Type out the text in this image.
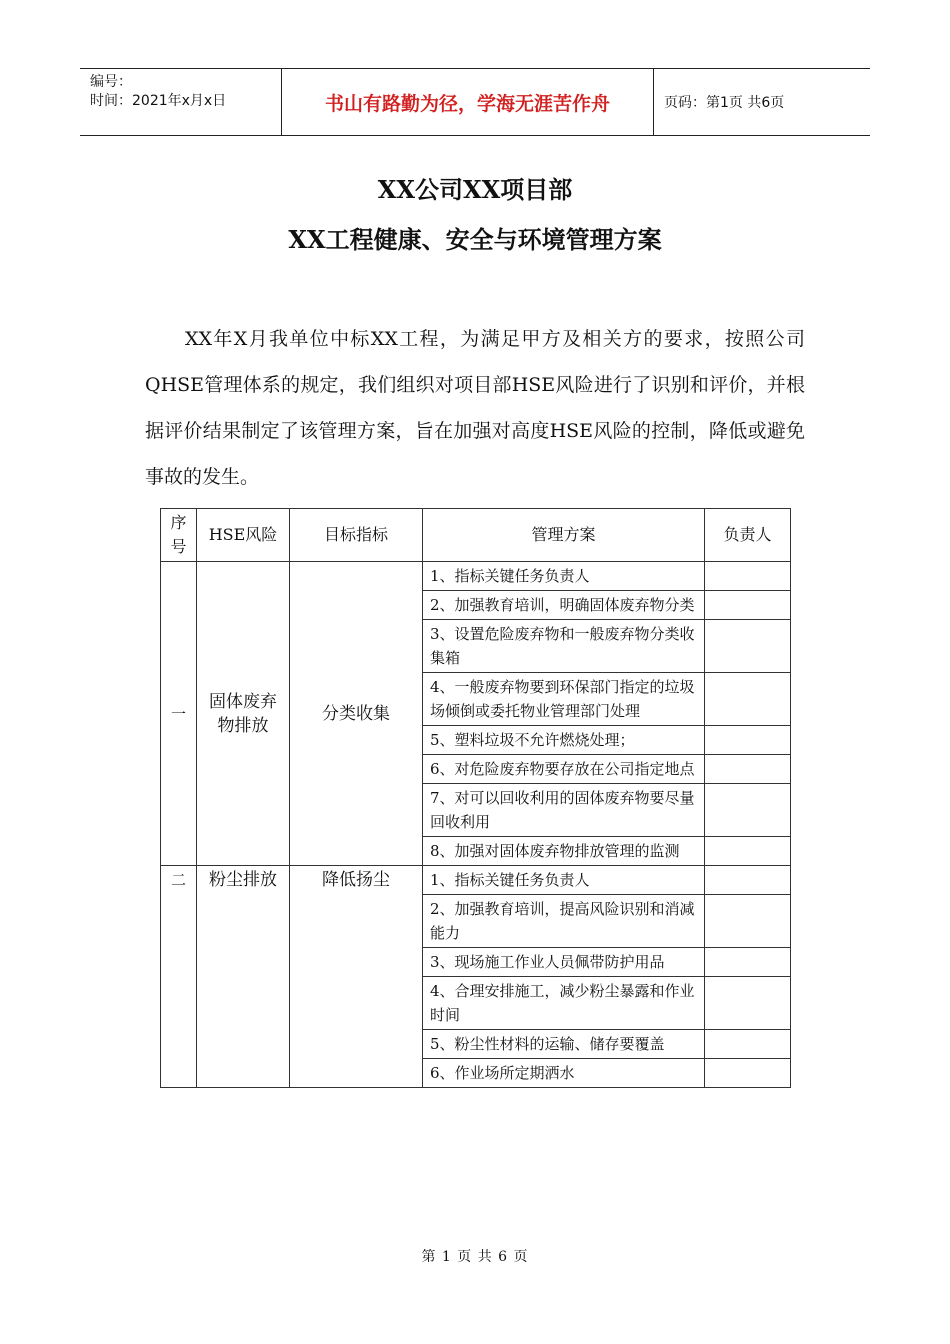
编号：
时间：2021年x月x日	书山有路勤为径，学海无涯苦作舟	页码：第1页 共6页
XX公司XX项目部
XX工程健康、安全与环境管理方案
XX年X月我单位中标XX工程，为满足甲方及相关方的要求，按照公司QHSE管理体系的规定，我们组织对项目部HSE风险进行了识别和评价，并根据评价结果制定了该管理方案，旨在加强对高度HSE风险的控制，降低或避免事故的发生。
序号	HSE风险	目标指标	管理方案	负责人
一	固体废弃物排放	分类收集	1、指标关键任务负责人	
			2、加强教育培训，明确固体废弃物分类	
			3、设置危险废弃物和一般废弃物分类收集箱	
			4、一般废弃物要到环保部门指定的垃圾场倾倒或委托物业管理部门处理	
			5、塑料垃圾不允许燃烧处理；	
			6、对危险废弃物要存放在公司指定地点	
			7、对可以回收利用的固体废弃物要尽量回收利用	
			8、加强对固体废弃物排放管理的监测	
二	粉尘排放	降低扬尘	1、指标关键任务负责人	
			2、加强教育培训，提高风险识别和消减能力	
			3、现场施工作业人员佩带防护用品	
			4、合理安排施工，减少粉尘暴露和作业时间	
			5、粉尘性材料的运输、储存要覆盖	
			6、作业场所定期洒水	
第 1 页 共 6 页
